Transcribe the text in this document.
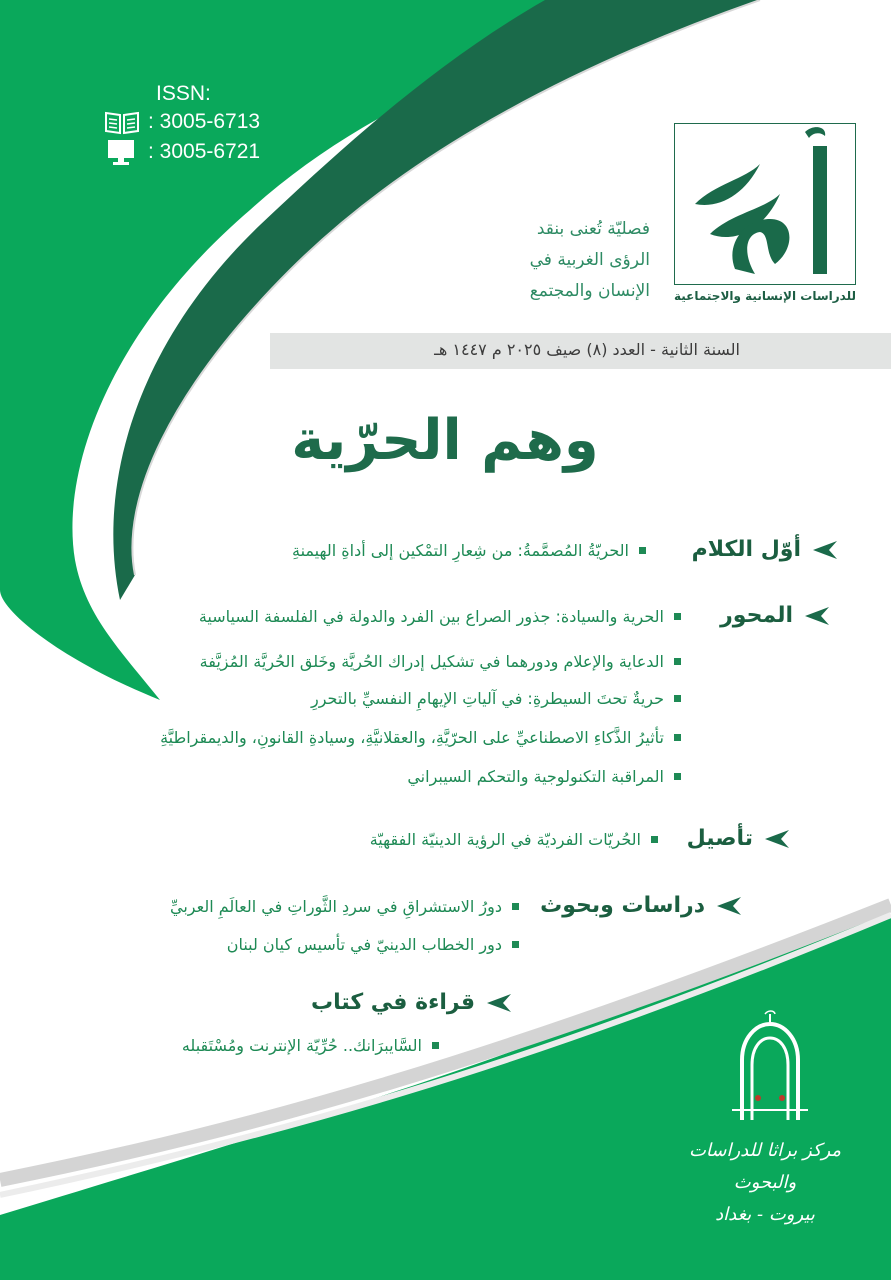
ISSN:
: 3005-6713
: 3005-6721
للدراسات الإنسانية والاجتماعية
فصليّة تُعنى بنقد
الرؤى الغربية في
الإنسان والمجتمع
السنة الثانية - العدد (٨) صيف ٢٠٢٥ م ١٤٤٧ هـ
وهم الحرّية
أوّل الكلام
الحريّةُ المُصمَّمةُ: من شِعارِ التمْكين إلى أداةِ الهيمنةِ
المحور
الحرية والسيادة: جذور الصراع بين الفرد والدولة في الفلسفة السياسية
الدعاية والإعلام ودورهما في تشكيل إدراك الحُريَّة وخَلق الحُريَّة المُزيَّفة
حريةٌ تحتَ السيطرةِ: في آلياتِ الإيهامِ النفسيِّ بالتحررِ
تأثيرُ الذَّكاءِ الاصطناعيِّ على الحرّيَّةِ، والعقلانيَّةِ، وسيادةِ القانونِ، والديمقراطيَّةِ
المراقبة التكنولوجية والتحكم السيبراني
تأصيل
الحُريّات الفرديّة في الرؤية الدينيّة الفقهيّة
دراسات وبحوث
دورُ الاستشراقِ في سردِ الثَّوراتِ في العالَمِ العربيِّ
دور الخطاب الدينيّ في تأسيس كيان لبنان
قراءة في كتاب
السَّايبرَانك.. حُرِّيّة الإنترنت ومُسْتَقبله
مركز براثا للدراسات والبحوث
بيروت - بغداد
